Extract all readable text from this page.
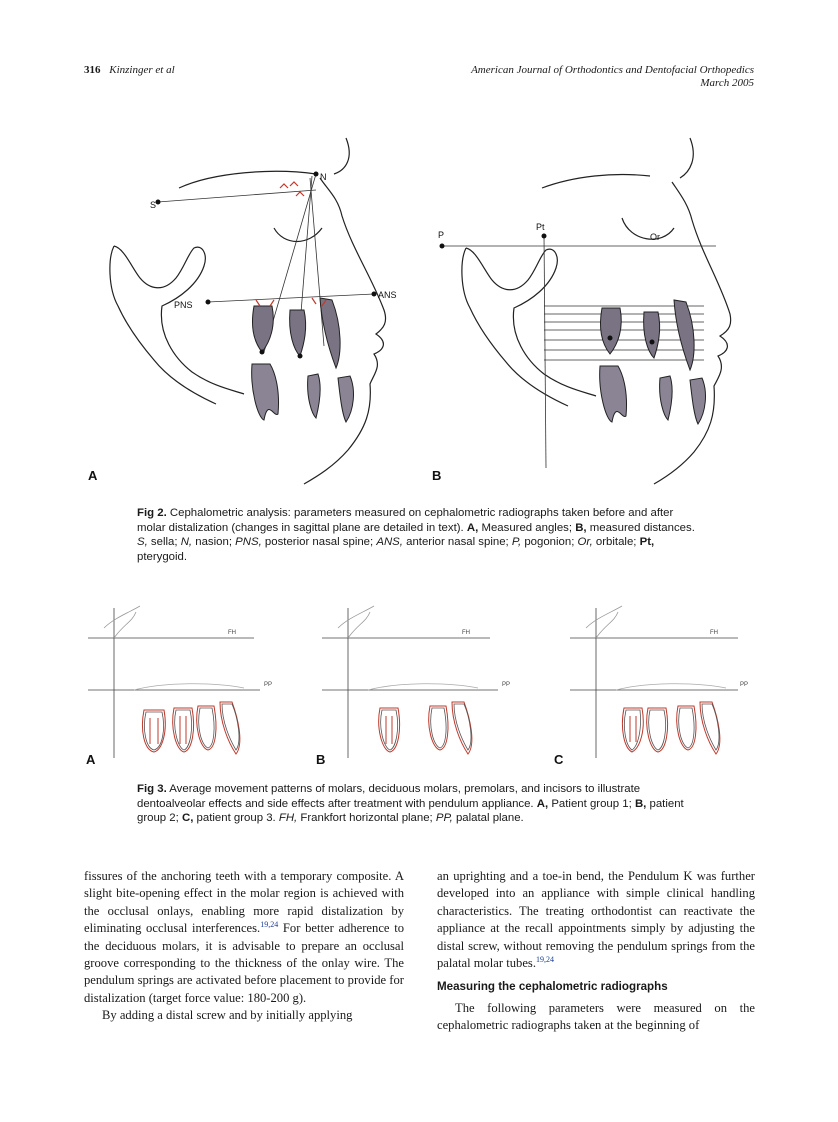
316 Kinzinger et al	American Journal of Orthodontics and Dentofacial Orthopedics
March 2005
S
N
PNS
ANS
A
P
Pt
Or
B
Fig 2. Cephalometric analysis: parameters measured on cephalometric radiographs taken before and after molar distalization (changes in sagittal plane are detailed in text). A, Measured angles; B, measured distances. S, sella; N, nasion; PNS, posterior nasal spine; ANS, anterior nasal spine; P, pogonion; Or, orbitale; Pt, pterygoid.
FH
PP
A
FH
PP
B
FH
PP
C
Fig 3. Average movement patterns of molars, deciduous molars, premolars, and incisors to illustrate dentoalveolar effects and side effects after treatment with pendulum appliance. A, Patient group 1; B, patient group 2; C, patient group 3. FH, Frankfort horizontal plane; PP, palatal plane.

fissures of the anchoring teeth with a temporary composite. A slight bite-opening effect in the molar region is achieved with the occlusal onlays, enabling more rapid distalization by eliminating occlusal interferences.$^{19,24}$ For better adherence to the deciduous molars, it is advisable to prepare an occlusal groove corresponding to the thickness of the onlay wire. The pendulum springs are activated before placement to provide for distalization (target force value: 180-200 g).

By adding a distal screw and by initially applying

an uprighting and a toe-in bend, the Pendulum K was further developed into an appliance with simple clinical handling characteristics. The treating orthodontist can reactivate the appliance at the recall appointments simply by adjusting the distal screw, without removing the pendulum springs from the palatal molar tubes.$^{19,24}$

Measuring the cephalometric radiographs

The following parameters were measured on the cephalometric radiographs taken at the beginning of
